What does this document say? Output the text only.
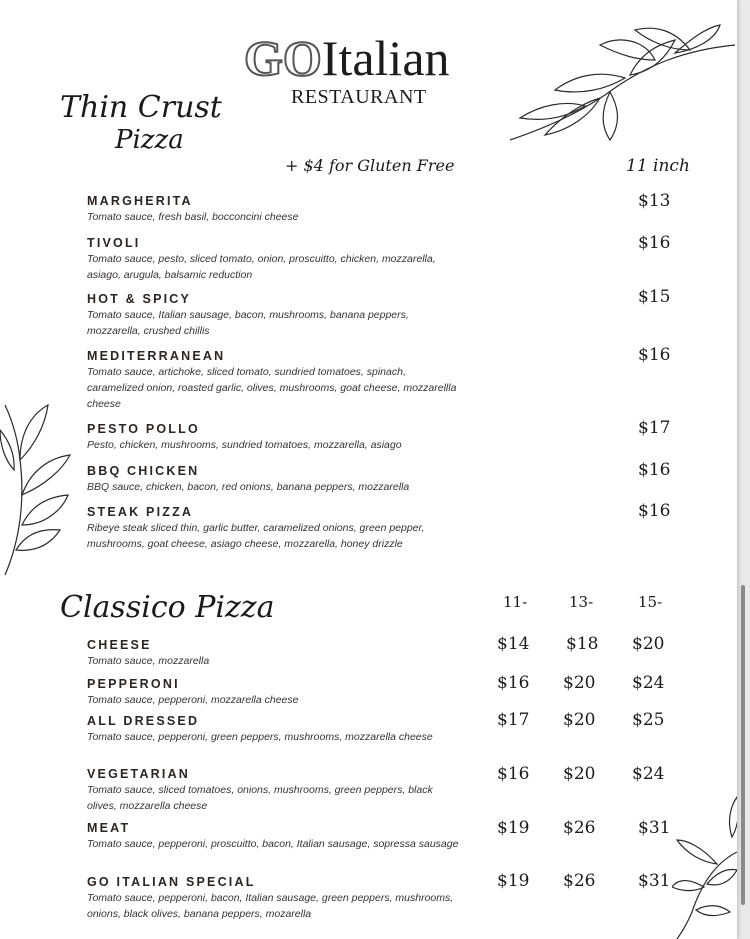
GOItalian
RESTAURANT
Thin Crust
Pizza
+ $4 for Gluten Free	11 inch
MARGHERITA
Tomato sauce, fresh basil, bocconcini cheese
$13
TIVOLI
Tomato sauce, pesto, sliced tomato, onion, proscuitto, chicken, mozzarella, asiago, arugula, balsamic reduction
$16
HOT & SPICY
Tomato sauce, Italian sausage, bacon, mushrooms, banana peppers, mozzarella, crushed chillis
$15
MEDITERRANEAN
Tomato sauce, artichoke, sliced tomato, sundried tomatoes, spinach, caramelized onion, roasted garlic, olives, mushrooms, goat cheese, mozzarellla cheese
$16
PESTO POLLO
Pesto, chicken, mushrooms, sundried tomatoes, mozzarella, asiago
$17
BBQ CHICKEN
BBQ sauce, chicken, bacon, red onions, banana peppers, mozzarella
$16
STEAK PIZZA
Ribeye steak sliced thin, garlic butter, caramelized onions, green pepper, mushrooms, goat cheese, asiago cheese, mozzarella, honey drizzle
$16
Classico Pizza	11-	13-	15-
CHEESE
Tomato sauce, mozzarella
$14 $18 $20
PEPPERONI
Tomato sauce, pepperoni, mozzarella cheese
$16 $20 $24
ALL DRESSED
Tomato sauce, pepperoni, green peppers, mushrooms, mozzarella cheese
$17 $20 $25
VEGETARIAN
Tomato sauce, sliced tomatoes, onions, mushrooms, green peppers, black olives, mozzarella cheese
$16 $20 $24
MEAT
Tomato sauce, pepperoni, proscuitto, bacon, Italian sausage, sopressa sausage
$19 $26	$31
GO ITALIAN SPECIAL
Tomato sauce, pepperoni, bacon, Italian sausage, green peppers, mushrooms, onions, black olives, banana peppers, mozarella
$19 $26	$31
